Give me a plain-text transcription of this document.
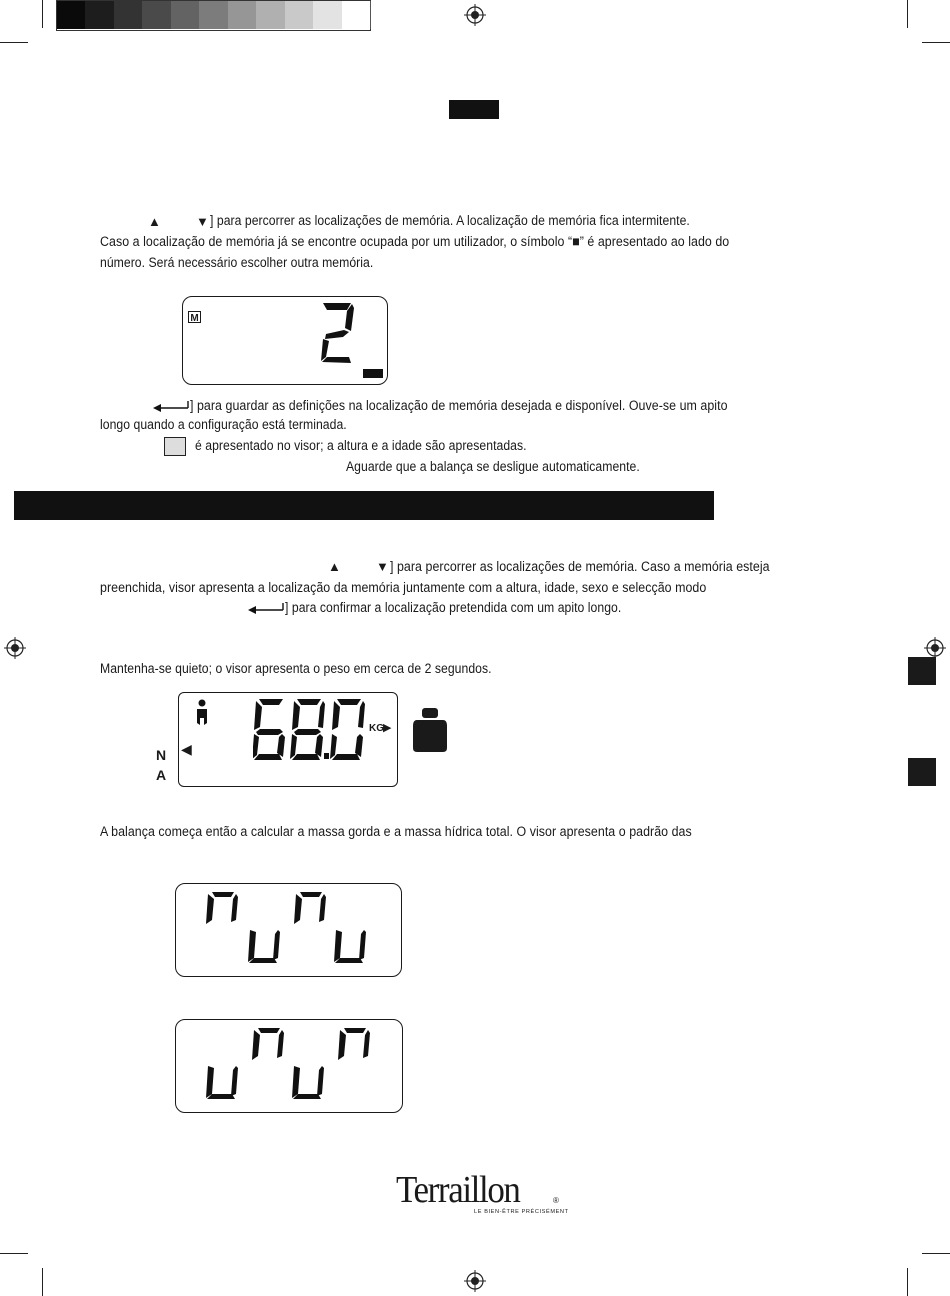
▲	▼ ] para percorrer as localizações de memória. A localização de memória fica intermitente.
Caso a localização de memória já se encontre ocupada por um utilizador, o símbolo “■” é apresentado ao lado do
número. Será necessário escolher outra memória.
M
] para guardar as definições na localização de memória desejada e disponível. Ouve-se um apito
longo quando a configuração está terminada.
é apresentado no visor; a altura e a idade são apresentadas.
Aguarde que a balança se desligue automaticamente.
▲	▼ ] para percorrer as localizações de memória. Caso a memória esteja
preenchida, visor apresenta a localização da memória juntamente com a altura, idade, sexo e selecção modo
] para confirmar a localização pretendida com um apito longo.
Mantenha-se quieto; o visor apresenta o peso em cerca de 2 segundos.
N
A
◀
KG ▶
A balança começa então a calcular a massa gorda e a massa hídrica total. O visor apresenta o padrão das
Terraillon	®
LE BIEN-ÊTRE PRÉCISÉMENT
